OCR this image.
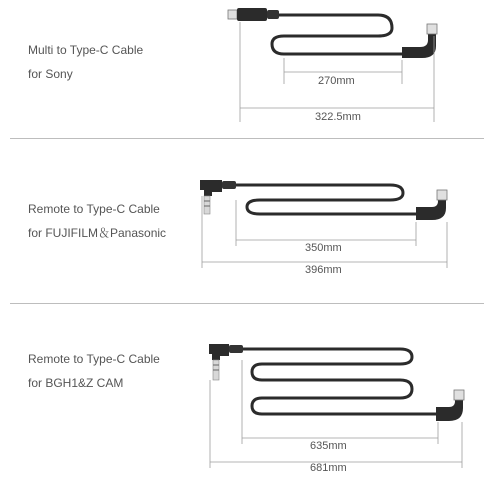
Multi to Type-C Cable
for Sony	270mm
322.5mm
Remote to Type-C Cable
for FUJIFILM＆Panasonic
350mm
396mm
Remote to Type-C Cable
for BGH1&Z CAM
635mm
681mm
